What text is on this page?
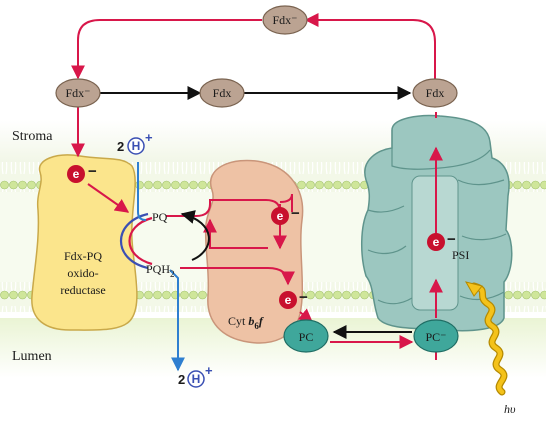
Stroma
Lumen
Fdx-PQ
oxido-
reductase
Cyt $b_6f$
PSI
PQ
$PQH_2$
Fdx⁻
Fdx⁻	Fdx	Fdx
PC	PC⁻
e −
e −
e −
e −
2 H
+
2 H
+
hυ
